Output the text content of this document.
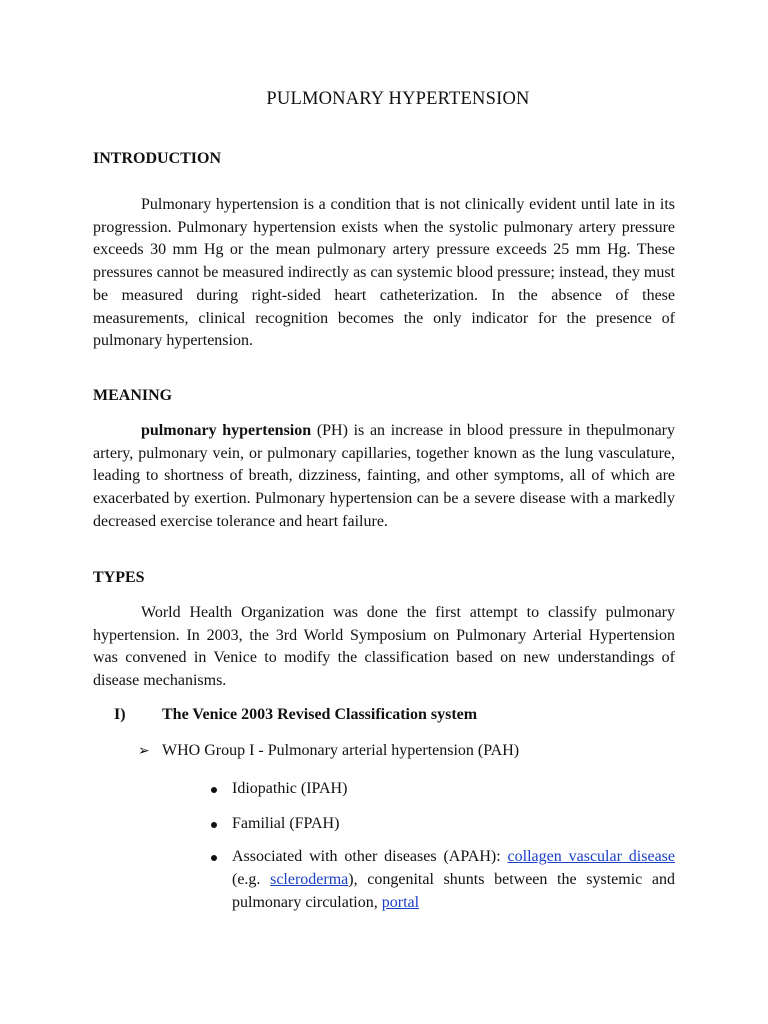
PULMONARY HYPERTENSION
INTRODUCTION

Pulmonary hypertension is a condition that is not clinically evident until late in its progression. Pulmonary hypertension exists when the systolic pulmonary artery pressure exceeds 30 mm Hg or the mean pulmonary artery pressure exceeds 25 mm Hg. These pressures cannot be measured indirectly as can systemic blood pressure; instead, they must be measured during right-sided heart catheterization. In the absence of these measurements, clinical recognition becomes the only indicator for the presence of pulmonary hypertension.

MEANING

pulmonary hypertension (PH) is an increase in blood pressure in thepulmonary artery, pulmonary vein, or pulmonary capillaries, together known as the lung vasculature, leading to shortness of breath, dizziness, fainting, and other symptoms, all of which are exacerbated by exertion. Pulmonary hypertension can be a severe disease with a markedly decreased exercise tolerance and heart failure.

TYPES

World Health Organization was done the first attempt to classify pulmonary hypertension. In 2003, the 3rd World Symposium on Pulmonary Arterial Hypertension was convened in Venice to modify the classification based on new understandings of disease mechanisms.

I) The Venice 2003 Revised Classification system
➢ WHO Group I - Pulmonary arterial hypertension (PAH)
Idiopathic (IPAH)
Familial (FPAH)
Associated with other diseases (APAH): collagen vascular disease (e.g. scleroderma), congenital shunts between the systemic and pulmonary circulation, portal
